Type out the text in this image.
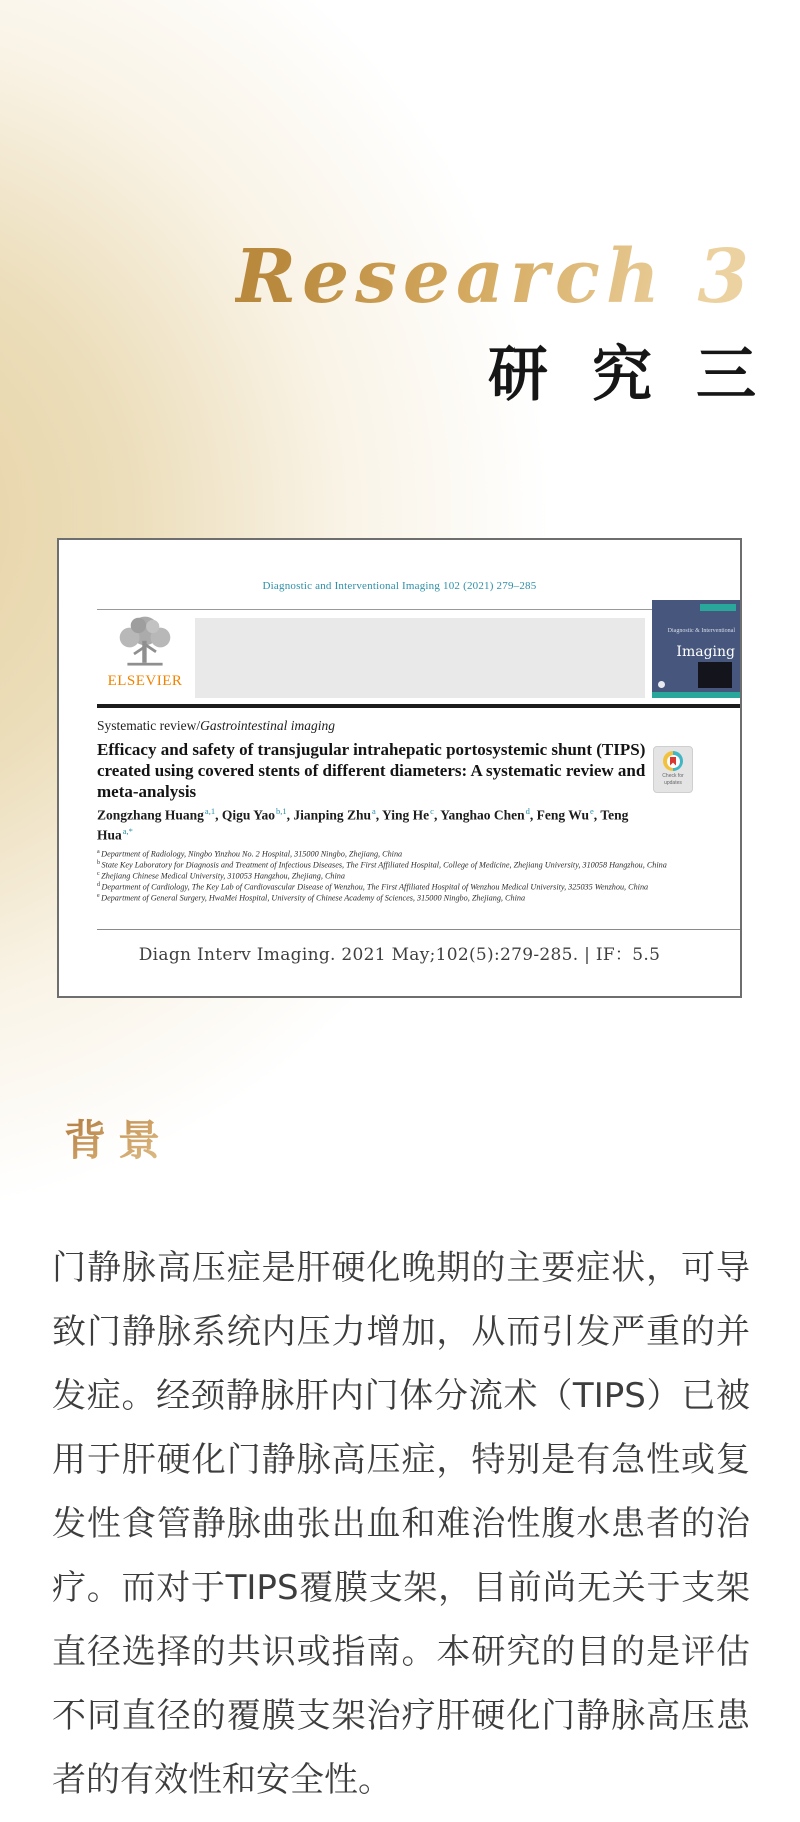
Research 3
研究三
Diagnostic and Interventional Imaging 102 (2021) 279–285
ELSEVIER
Diagnostic & Interventional
Imaging
Systematic review/Gastrointestinal imaging
Efficacy and safety of transjugular intrahepatic portosystemic shunt (TIPS) created using covered stents of different diameters: A systematic review and meta-analysis
Check for updates
Zongzhang Huang$^{a,1}$, Qigu Yao$^{b,1}$, Jianping Zhu$^a$, Ying He$^c$, Yanghao Chen$^d$, Feng Wu$^e$, Teng Hua$^{a,*}$
$^a$ Department of Radiology, Ningbo Yinzhou No. 2 Hospital, 315000 Ningbo, Zhejiang, China
$^b$ State Key Laboratory for Diagnosis and Treatment of Infectious Diseases, The First Affiliated Hospital, College of Medicine, Zhejiang University, 310058 Hangzhou, China
$^c$ Zhejiang Chinese Medical University, 310053 Hangzhou, Zhejiang, China
$^d$ Department of Cardiology, The Key Lab of Cardiovascular Disease of Wenzhou, The First Affiliated Hospital of Wenzhou Medical University, 325035 Wenzhou, China
$^e$ Department of General Surgery, HwaMei Hospital, University of Chinese Academy of Sciences, 315000 Ningbo, Zhejiang, China
Diagn Interv Imaging. 2021 May;102(5):279-285. | IF：5.5
背景
门静脉高压症是肝硬化晚期的主要症状，可导致门静脉系统内压力增加，从而引发严重的并发症。经颈静脉肝内门体分流术（TIPS）已被用于肝硬化门静脉高压症，特别是有急性或复发性食管静脉曲张出血和难治性腹水患者的治疗。而对于TIPS覆膜支架，目前尚无关于支架直径选择的共识或指南。本研究的目的是评估不同直径的覆膜支架治疗肝硬化门静脉高压患者的有效性和安全性。
